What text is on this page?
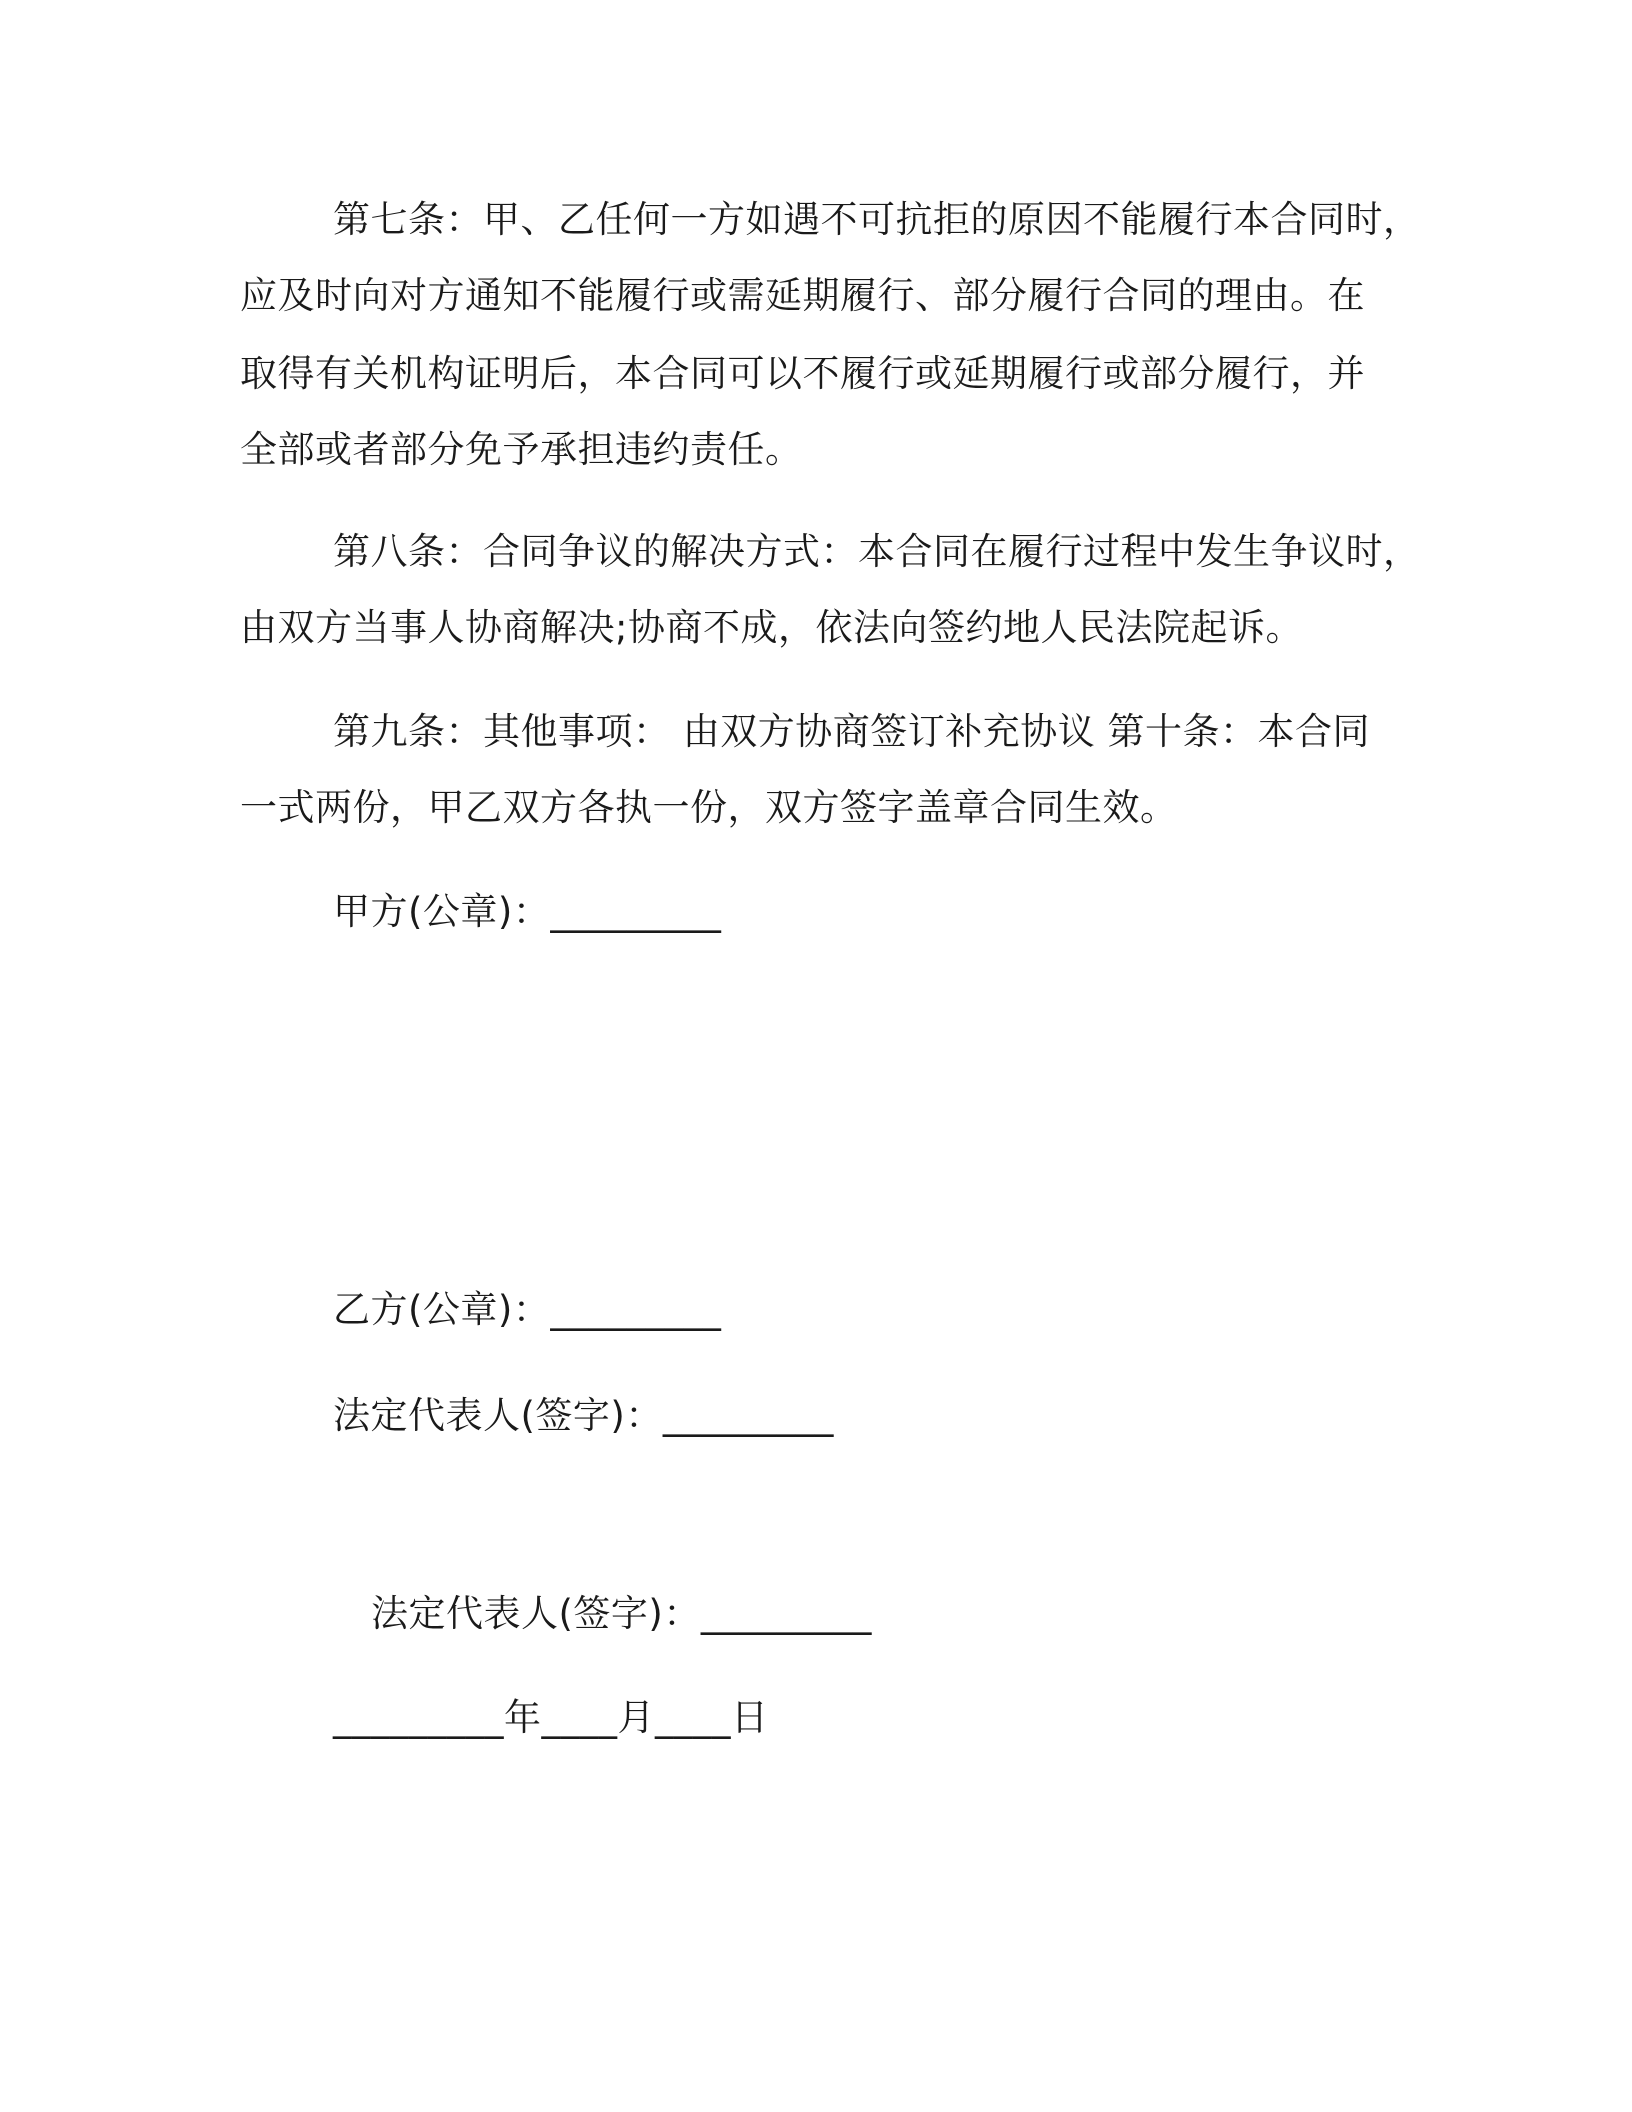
第七条：甲、乙任何一方如遇不可抗拒的原因不能履行本合同时，
应及时向对方通知不能履行或需延期履行、部分履行合同的理由。在
取得有关机构证明后，本合同可以不履行或延期履行或部分履行，并
全部或者部分免予承担违约责任。
第八条：合同争议的解决方式：本合同在履行过程中发生争议时，
由双方当事人协商解决;协商不成，依法向签约地人民法院起诉。
第九条：其他事项： 由双方协商签订补充协议 第十条：本合同
一式两份，甲乙双方各执一份，双方签字盖章合同生效。
甲方(公章)：_________
乙方(公章)：_________
法定代表人(签字)：_________
法定代表人(签字)：_________
_________年____月____日
